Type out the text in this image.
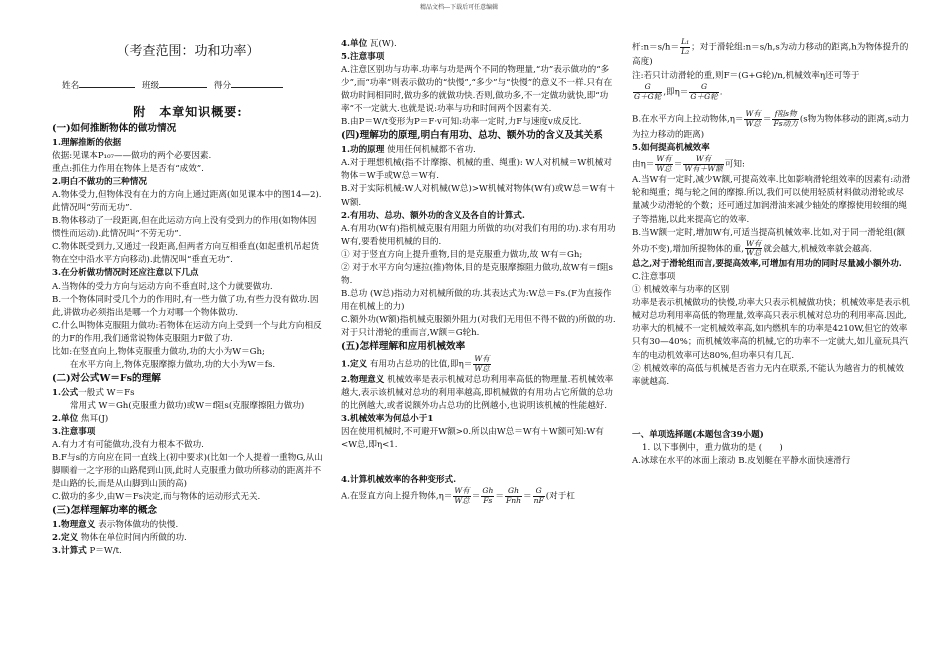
精品文档---下载后可任意编辑

（考查范围：功和功率）

姓名	班级	得分

附　本章知识概要:

(一)如何推断物体的做功情况

1.理解推断的依据

依据:见课本P₁₀₇——做功的两个必要因素.

重点:抓住力作用在物体上是否有“成效”.

2.明白不做功的三种情况

A.物体受力,但物体没有在力的方向上通过距离(如见课本中的图14—2).此情况叫“劳而无功”.

B.物体移动了一段距离,但在此运动方向上没有受到力的作用(如物体因惯性而运动).此情况叫“不劳无功”.

C.物体既受到力,又通过一段距离,但两者方向互相垂直(如起重机吊起货物在空中沿水平方向移动).此情况叫“垂直无功”.

3.在分析做功情况时还应注意以下几点

A.当物体的受力方向与运动方向不垂直时,这个力就要做功.

B.一个物体同时受几个力的作用时,有一些力做了功,有些力没有做功.因此,讲做功必须指出是哪一个力对哪一个物体做功.

C.什么叫物体克服阻力做功:若物体在运动方向上受到一个与此方向相反的力F的作用,我们通常说物体克服阻力F做了功.

比如:在竖直向上,物体克服重力做功,功的大小为W＝Gh;

在水平方向上,物体克服摩擦力做功,功的大小为W＝fs.

(二)对公式W＝Fs的理解

1.公式一般式 W＝Fs

常用式 W＝Gh(克服重力做功)或W＝f阻s(克服摩擦阻力做功)

2.单位 焦耳(J)

3.注意事项

A.有力才有可能做功,没有力根本不做功.

B.F与s的方向应在同一直线上(初中要求)(比如一个人提着一重物G,从山脚顺着一之字形的山路爬到山顶,此时人克服重力做功所移动的距离并不是山路的长,而是从山脚到山顶的高)

C.做功的多少,由W＝Fs决定,而与物体的运动形式无关.

(三)怎样理解功率的概念

1.物理意义 表示物体做功的快慢.

2.定义 物体在单位时间内所做的功.

3.计算式 P＝W/t.

4.单位 瓦(W).

5.注意事项

A.注意区别功与功率.功率与功是两个不同的物理量,“功”表示做功的“多少”,而“功率”则表示做功的“快慢”,“多少”与“快慢”的意义不一样.只有在做功时间相同时,做功多的就做功快.否则,做功多,不一定做功就快,即“功率”不一定就大.也就是说:功率与功和时间两个因素有关.

B.由P＝W/t变形为P＝F·v可知:功率一定时,力F与速度v成反比.

(四)理解功的原理,明白有用功、总功、额外功的含义及其关系

1.功的原理 使用任何机械都不省功.

A.对于理想机械(指不计摩擦、机械的重、绳重): W人对机械＝W机械对物体＝W手或W总＝W有.

B.对于实际机械:W人对机械(W总)>W机械对物体(W有)或W总＝W有＋W额.

2.有用功、总功、额外功的含义及各自的计算式.

A.有用功(W有)指机械克服有用阻力所做的功(对我们有用的功).求有用功W有,要看使用机械的目的.

① 对于竖直方向上提升重物,目的是克服重力做功,故 W有＝Gh;

② 对于水平方向匀速拉(推)物体,目的是克服摩擦阻力做功,故W有＝f阻s物.

B.总功 (W总)指动力对机械所做的功.其表达式为:W总＝Fs.(F为直接作用在机械上的力)

C.额外功(W额)指机械克服额外阻力(对我们无用但不得不做的)所做的功.对于只计滑轮的重而言,W额＝G轮h.

(五)怎样理解和应用机械效率

1.定义 有用功占总功的比值,即$\eta= \frac{\text{W有}}{\text{W总}}$

2.物理意义 机械效率是表示机械对总功利用率高低的物理量.若机械效率越大,表示该机械对总功的利用率越高,即机械做的有用功占它所做的总功的比例越大,或者说额外功占总功的比例越小,也说明该机械的性能越好.

3.机械效率为何总小于1

因在使用机械时,不可避开W额>0.所以由W总＝W有＋W额可知:W有<W总,即η<1.

4.计算机械效率的各种变形式.

A.在竖直方向上提升物体$,\eta= \frac{\text{W有}}{\text{W总}} = \frac{Gh}{Fs} = \frac{Gh}{\text{Fnh}} = \frac{G}{nF}$ (对于杠

杆:n＝s/h＝ $\frac{\text{L₁}}{\text{L₂}}$ ；对于滑轮组:n＝s/h,s为动力移动的距离,h为物体提升的高度)

注:若只计动滑轮的重,则F＝(G+G轮)/n,机械效率η还可等于

$\frac{G}{\text{G＋G轮}}$ ,即$\eta= \frac{G}{\text{G＋G轮}}$ .

B.在水平方向上拉动物体$,\eta= \frac{\text{W有}}{\text{W总}} = \frac{\text{f阻s物}}{\text{Fs动力}} (s$物为物体移动的距离,s动力为拉力移动的距离)

5.如何提高机械效率

由$\eta= \frac{\text{W有}}{\text{W总}} = \frac{\text{W有}}{\text{W有＋W额}}$ 可知:

A.当W有一定时,减少W额,可提高效率.比如影响滑轮组效率的因素有:动滑轮和绳重；绳与轮之间的摩擦.所以,我们可以使用轻质材料做动滑轮或尽量减少动滑轮的个数；还可通过加润滑油来减少轴处的摩擦使用较细的绳子等措施,以此来提高它的效率.

B.当W额一定时,增加W有,可适当提高机械效率.比如,对于同一滑轮组(额外功不变),增加所提物体的重, $\frac{\text{W有}}{\text{W总}}$ 就会越大,机械效率就会越高.

总之,对于滑轮组而言,要提高效率,可增加有用功的同时尽量减小额外功.

C.注意事项

① 机械效率与功率的区别

功率是表示机械做功的快慢,功率大只表示机械做功快；机械效率是表示机械对总功利用率高低的物理量,效率高只表示机械对总功的利用率高.因此,功率大的机械不一定机械效率高,如内燃机车的功率是4210W,但它的效率只有30—40%；而机械效率高的机械,它的功率不一定就大,如儿童玩具汽车的电动机效率可达80%,但功率只有几瓦.

② 机械效率的高低与机械是否省力无内在联系,不能认为越省力的机械效率就越高.

一、单项选择题(本题包含39小题)

1. 以下事例中，重力做功的是 (　　)

A.冰球在水平的冰面上滚动 B.皮划艇在平静水面快速滑行
